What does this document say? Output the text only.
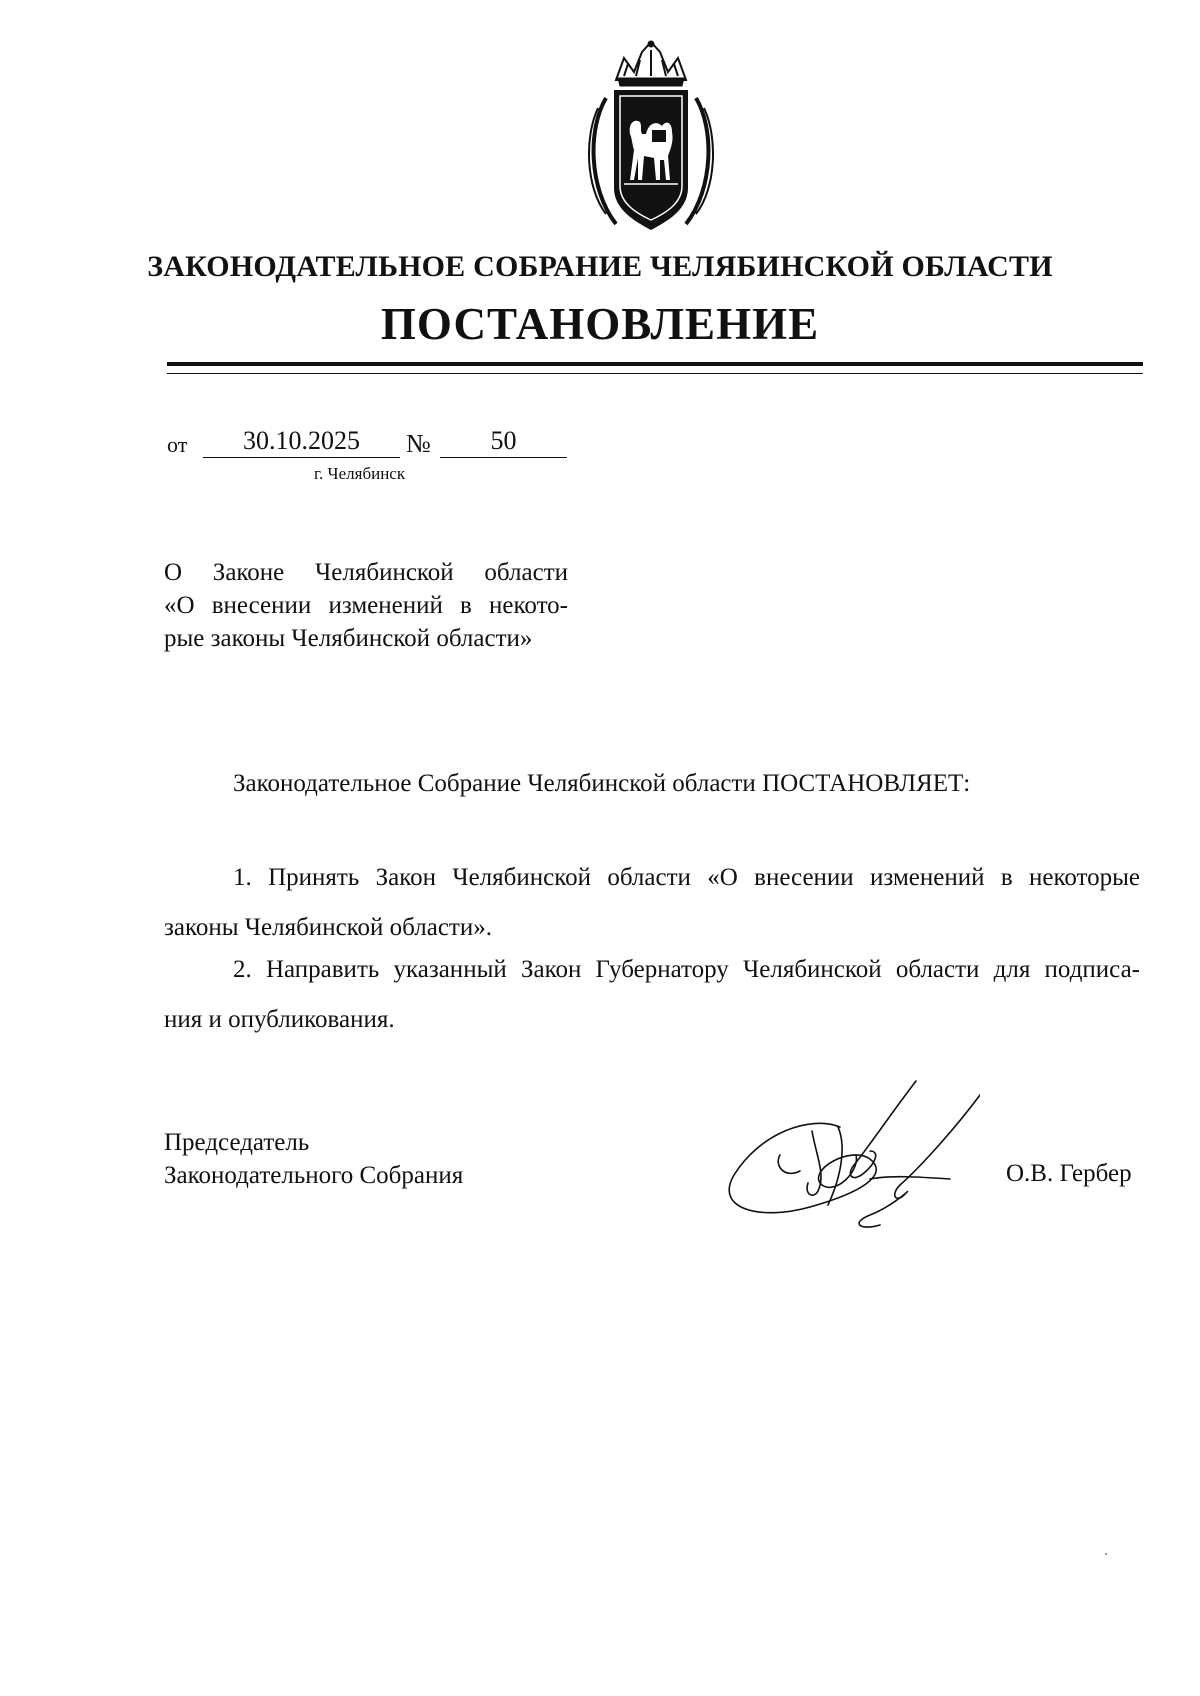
ЗАКОНОДАТЕЛЬНОЕ СОБРАНИЕ ЧЕЛЯБИНСКОЙ ОБЛАСТИ
ПОСТАНОВЛЕНИЕ
от	30.10.2025	№	50
г. Челябинск
О Законе Челябинской области
«О внесении изменений в некото-
рые законы Челябинской области»
Законодательное Собрание Челябинской области ПОСТАНОВЛЯЕТ:
1. Принять Закон Челябинской области «О внесении изменений в некоторые
законы Челябинской области».
2. Направить указанный Закон Губернатору Челябинской области для подписа-
ния и опубликования.
Председатель
Законодательного Собрания	О.В. Гербер
